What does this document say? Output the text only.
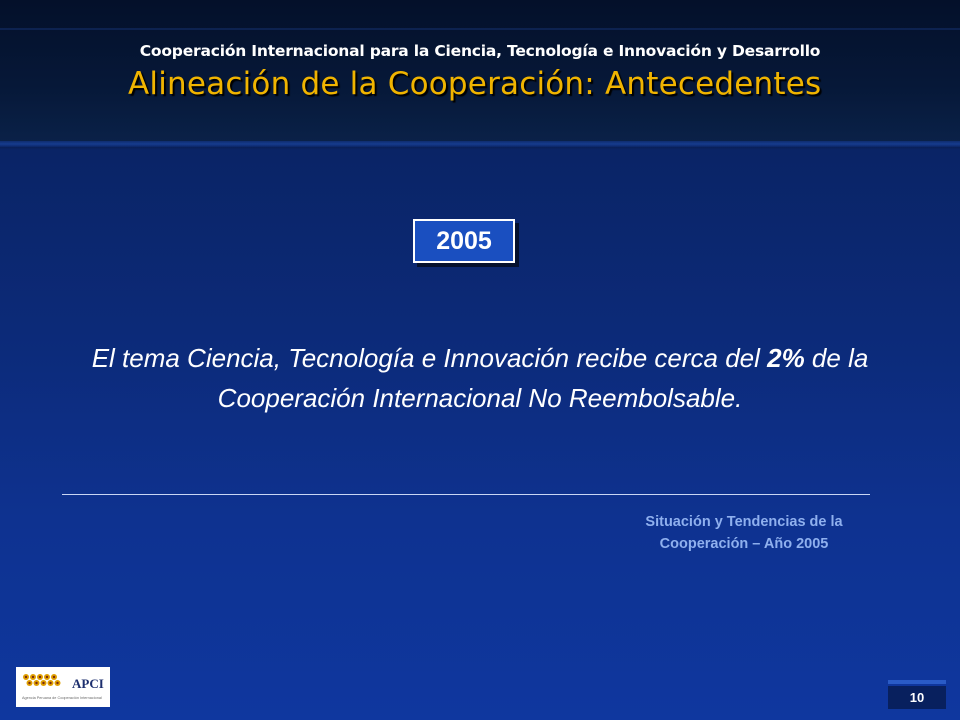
Cooperación Internacional para la Ciencia, Tecnología e Innovación y Desarrollo
Alineación de la Cooperación: Antecedentes
2005
El tema Ciencia, Tecnología e Innovación recibe cerca del 2% de la Cooperación Internacional No Reembolsable.
Situación y Tendencias de la
Cooperación – Año 2005
APCI
Agencia Peruana de Cooperación Internacional	10
